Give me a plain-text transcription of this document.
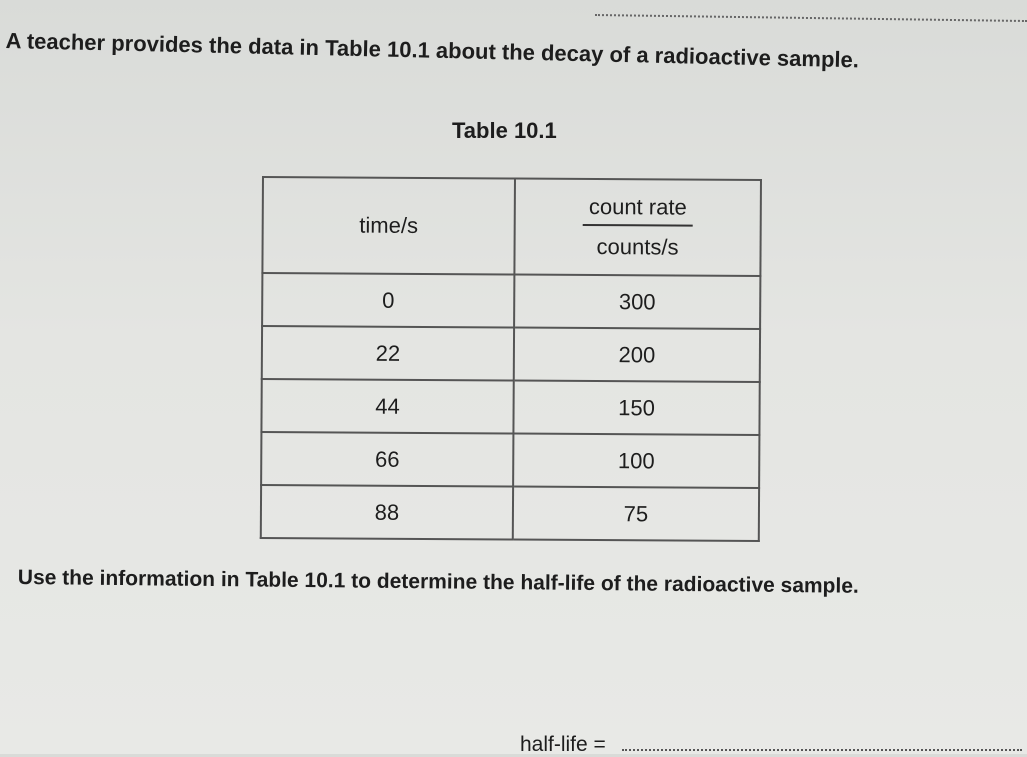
A teacher provides the data in Table 10.1 about the decay of a radioactive sample.
Table 10.1
time/s	$\frac{\text{count rate}}{\text{counts/s}}$

0	300
22	200
44	150
66	100
88	75
Use the information in Table 10.1 to determine the half-life of the radioactive sample.
half-life =
